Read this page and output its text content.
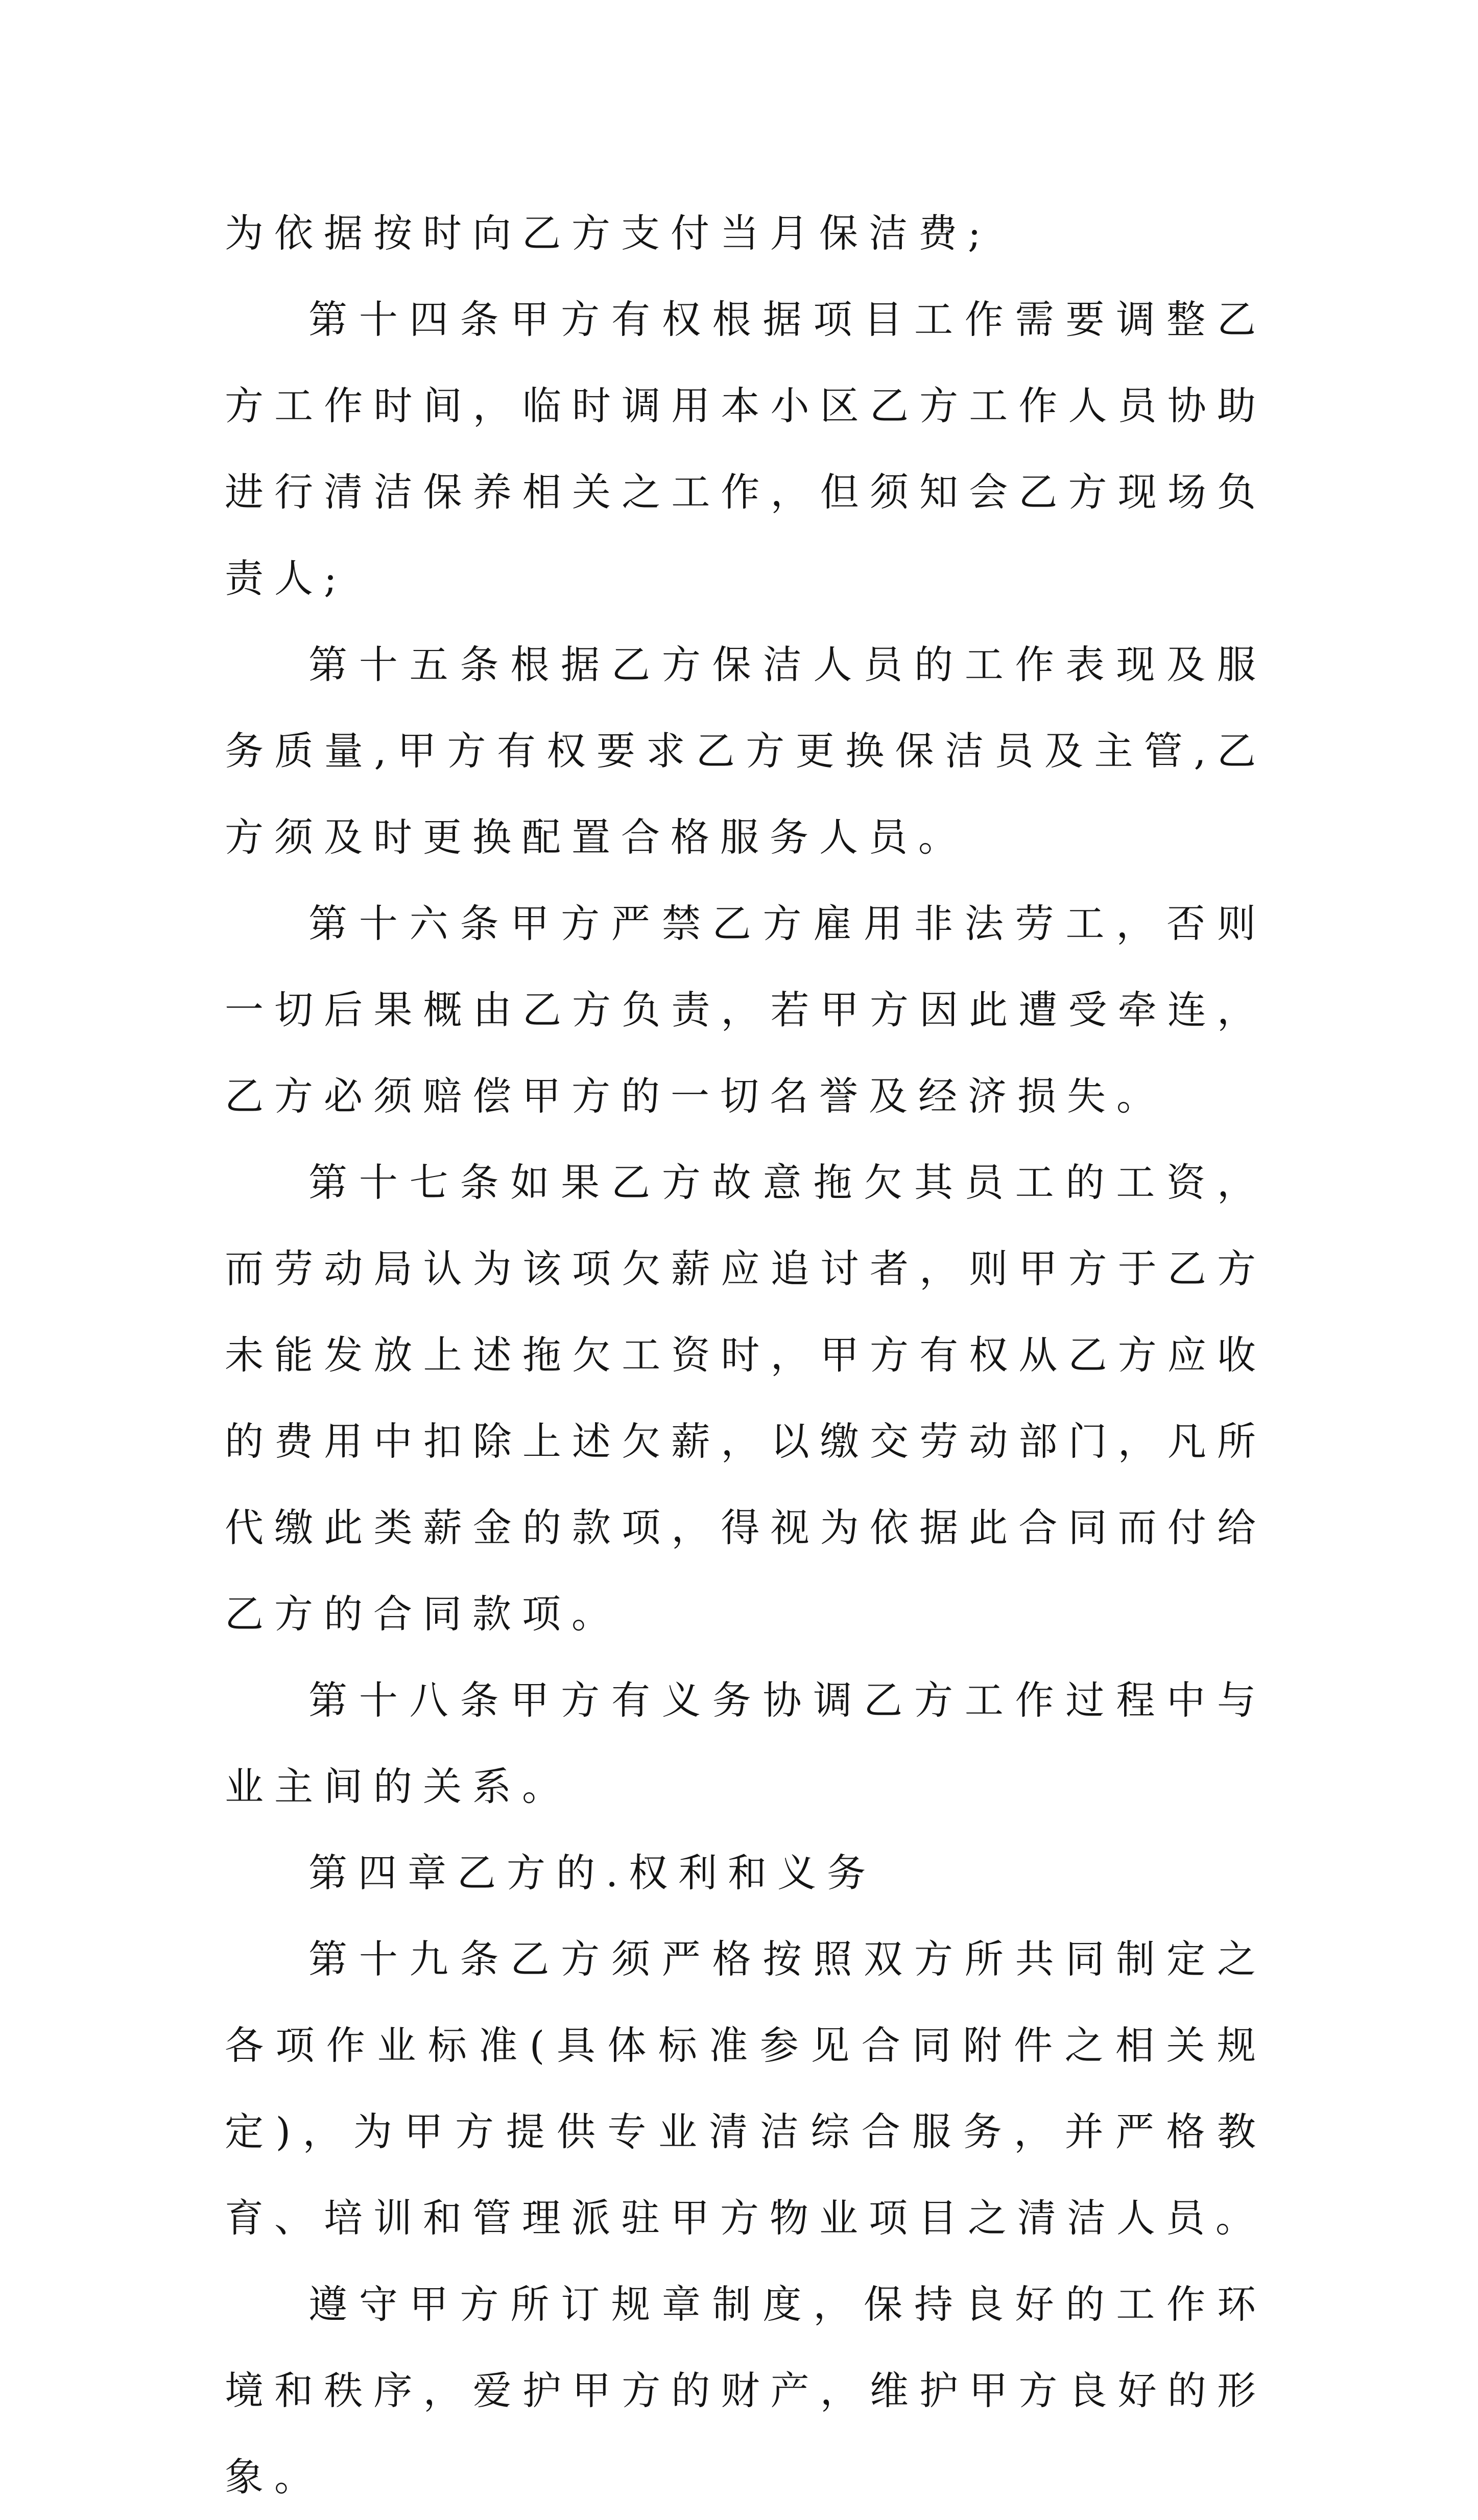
为依据按时向乙方支付当月保洁费;

第十四条甲方有权根据项目工作需要调整乙方工作时间，临时调用本小区乙方工作人员协助进行清洁保养相关之工作，但须知会乙方现场负责人;

第十五条根据乙方保洁人员的工作表现及服务质量,甲方有权要求乙方更换保洁员及主管,乙方须及时更换配置合格服务人员。

第十六条甲方严禁乙方雇用非法劳工，否则一切后果概由乙方负责，若甲方因此遭受牵连，乙方必须赔偿甲方的一切名誉及经济损失。

第十七条如果乙方故意拖欠其员工的工资，而劳动局认为该项欠薪应追讨者，则甲方于乙方未能发放上述拖欠工资时，甲方有权从乙方应收的费用中扣除上述欠薪，以缴交劳动部门，凡所代缴此类薪金的款项，得视为依据此合同而付给乙方的合同款项。

第十八条甲方有义务协调乙方工作过程中与业主间的关系。

第四章乙方的.权利和义务

第十九条乙方须严格按照双方所共同制定之各项作业标准(具体标准参见合同附件之相关规定)，为甲方提供专业清洁综合服务，并严格教育、培训和管理派驻甲方物业项目之清洁人员。

遵守甲方所订规章制度，保持良好的工作环境和秩序，爱护甲方的财产，维护甲方良好的形象。
